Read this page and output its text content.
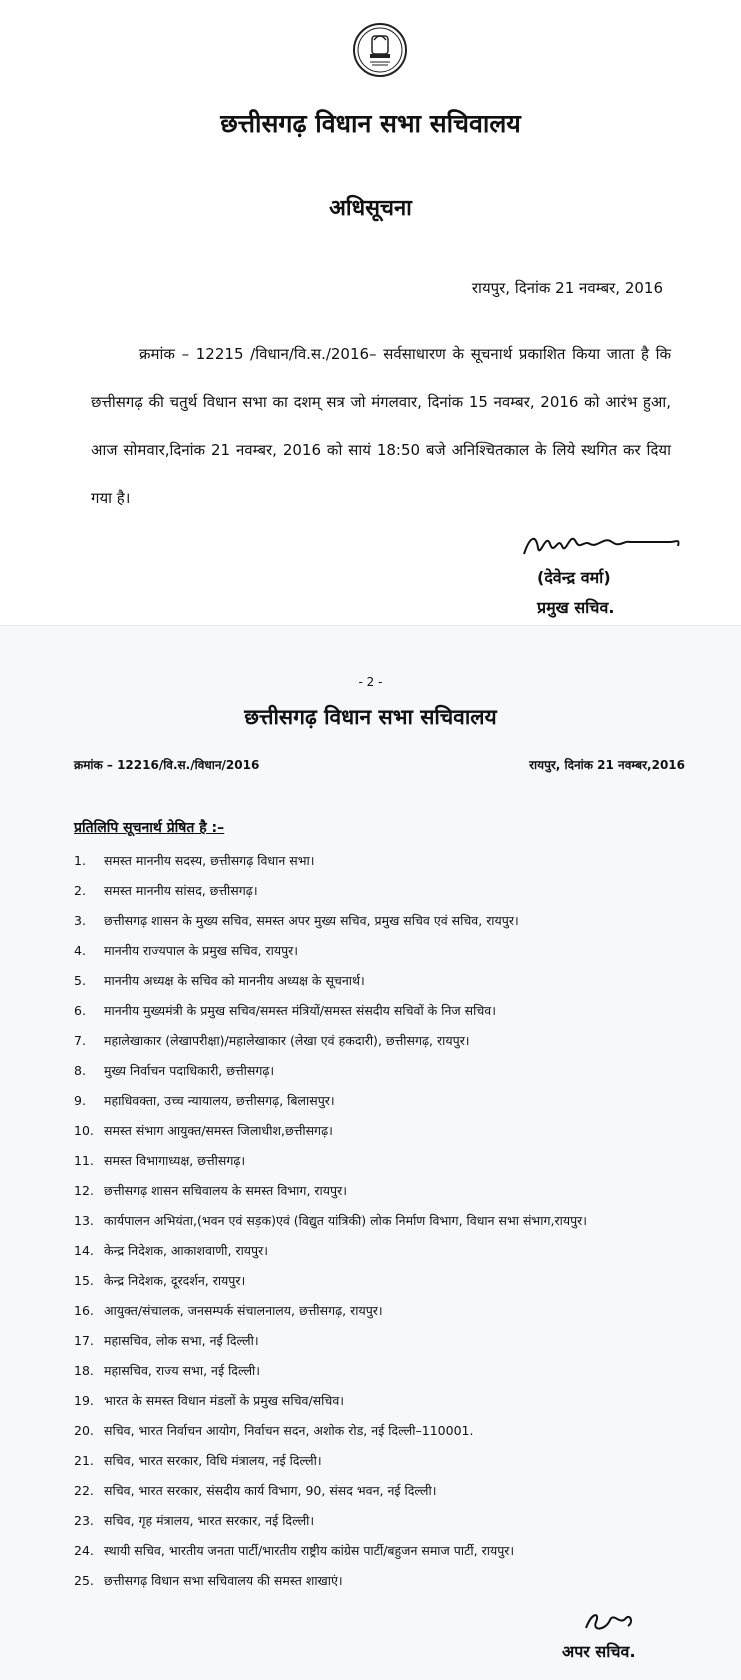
छत्तीसगढ़ विधान सभा सचिवालय
अधिसूचना
रायपुर, दिनांक 21 नवम्बर, 2016
क्रमांक – 12215 /विधान/वि.स./2016– सर्वसाधारण के सूचनार्थ प्रकाशित किया जाता है कि छत्तीसगढ़ की चतुर्थ विधान सभा का दशम् सत्र जो मंगलवार, दिनांक 15 नवम्बर, 2016 को आरंभ हुआ, आज सोमवार,दिनांक 21 नवम्बर, 2016 को सायं 18:50 बजे अनिश्चितकाल के लिये स्थगित कर दिया गया है।
(देवेन्द्र वर्मा)
प्रमुख सचिव.
- 2 -
छत्तीसगढ़ विधान सभा सचिवालय
क्रमांक – 12216/वि.स./विधान/2016	रायपुर, दिनांक 21 नवम्बर,2016
प्रतिलिपि सूचनार्थ प्रेषित है :–
1. समस्त माननीय सदस्य, छत्तीसगढ़ विधान सभा।
2. समस्त माननीय सांसद, छत्तीसगढ़।
3. छत्तीसगढ़ शासन के मुख्य सचिव, समस्त अपर मुख्य सचिव, प्रमुख सचिव एवं सचिव, रायपुर।
4. माननीय राज्यपाल के प्रमुख सचिव, रायपुर।
5. माननीय अध्यक्ष के सचिव को माननीय अध्यक्ष के सूचनार्थ।
6. माननीय मुख्यमंत्री के प्रमुख सचिव/समस्त मंत्रियों/समस्त संसदीय सचिवों के निज सचिव।
7. महालेखाकार (लेखापरीक्षा)/महालेखाकार (लेखा एवं हकदारी), छत्तीसगढ़, रायपुर।
8. मुख्य निर्वाचन पदाधिकारी, छत्तीसगढ़।
9. महाधिवक्ता, उच्च न्यायालय, छत्तीसगढ़, बिलासपुर।
10. समस्त संभाग आयुक्त/समस्त जिलाधीश,छत्तीसगढ़।
11. समस्त विभागाध्यक्ष, छत्तीसगढ़।
12. छत्तीसगढ़ शासन सचिवालय के समस्त विभाग, रायपुर।
13. कार्यपालन अभियंता,(भवन एवं सड़क)एवं (विद्युत यांत्रिकी) लोक निर्माण विभाग, विधान सभा संभाग,रायपुर।
14. केन्द्र निदेशक, आकाशवाणी, रायपुर।
15. केन्द्र निदेशक, दूरदर्शन, रायपुर।
16. आयुक्त/संचालक, जनसम्पर्क संचालनालय, छत्तीसगढ़, रायपुर।
17. महासचिव, लोक सभा, नई दिल्ली।
18. महासचिव, राज्य सभा, नई दिल्ली।
19. भारत के समस्त विधान मंडलों के प्रमुख सचिव/सचिव।
20. सचिव, भारत निर्वाचन आयोग, निर्वाचन सदन, अशोक रोड, नई दिल्ली–110001.
21. सचिव, भारत सरकार, विधि मंत्रालय, नई दिल्ली।
22. सचिव, भारत सरकार, संसदीय कार्य विभाग, 90, संसद भवन, नई दिल्ली।
23. सचिव, गृह मंत्रालय, भारत सरकार, नई दिल्ली।
24. स्थायी सचिव, भारतीय जनता पार्टी/भारतीय राष्ट्रीय कांग्रेस पार्टी/बहुजन समाज पार्टी, रायपुर।
25. छत्तीसगढ़ विधान सभा सचिवालय की समस्त शाखाएं।
अपर सचिव.
